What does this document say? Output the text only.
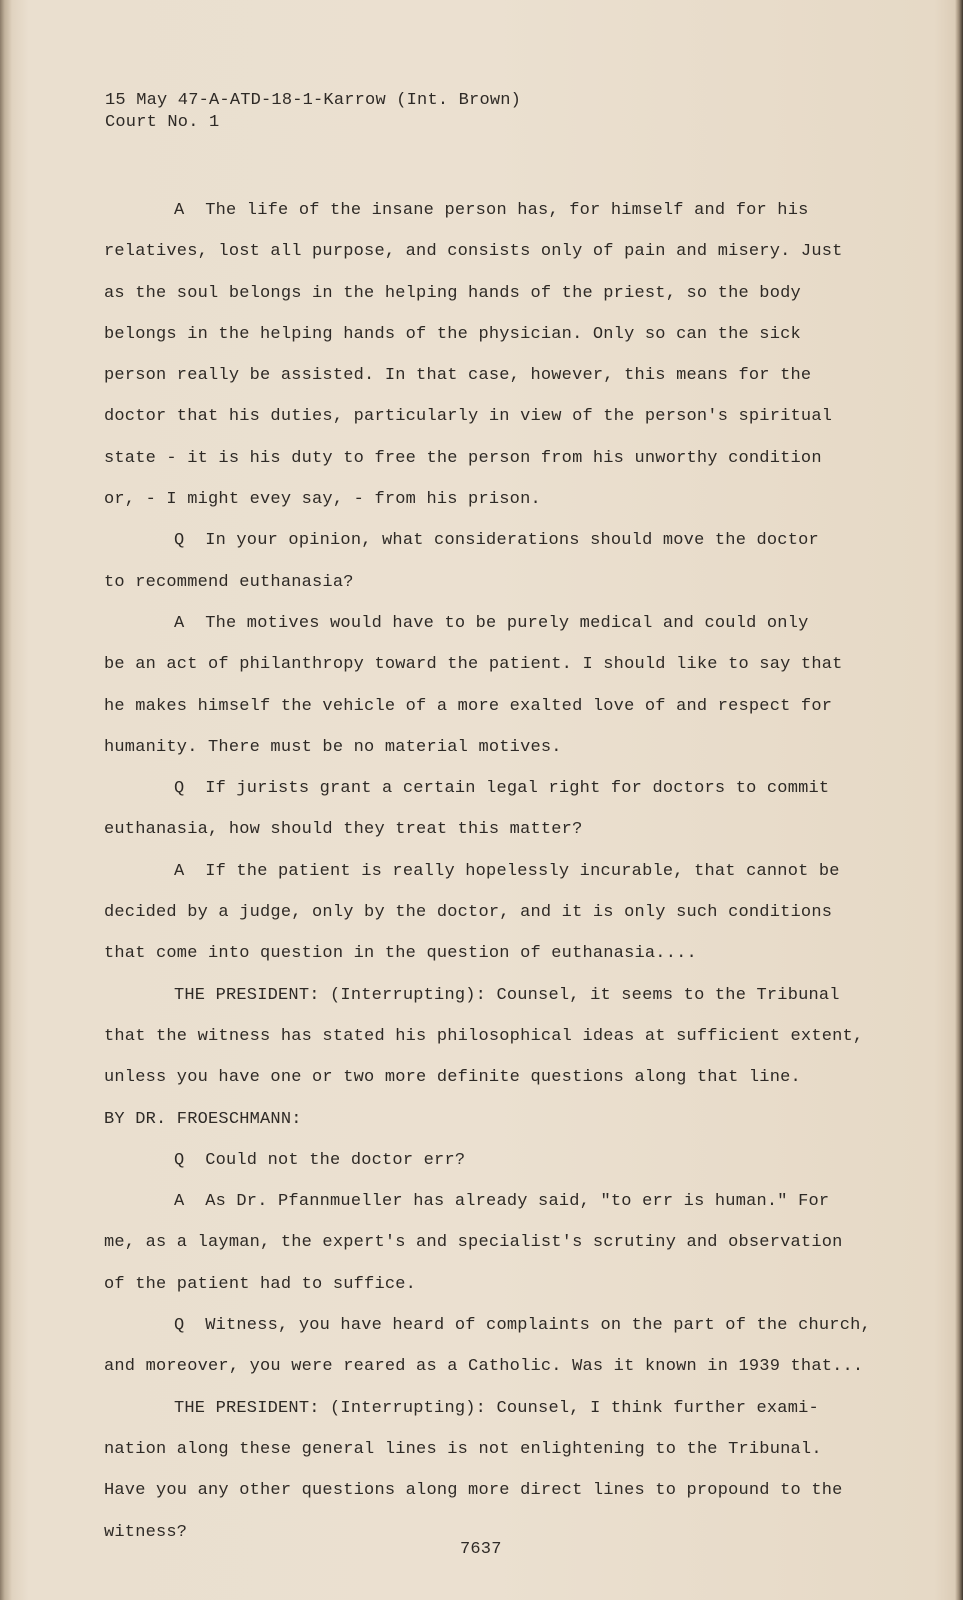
15 May 47-A-ATD-18-1-Karrow (Int. Brown)
Court No. 1
A  The life of the insane person has, for himself and for his
relatives, lost all purpose, and consists only of pain and misery. Just
as the soul belongs in the helping hands of the priest, so the body
belongs in the helping hands of the physician. Only so can the sick
person really be assisted. In that case, however, this means for the
doctor that his duties, particularly in view of the person's spiritual
state - it is his duty to free the person from his unworthy condition
or, - I might evey say, - from his prison.
Q  In your opinion, what considerations should move the doctor
to recommend euthanasia?
A  The motives would have to be purely medical and could only
be an act of philanthropy toward the patient. I should like to say that
he makes himself the vehicle of a more exalted love of and respect for
humanity. There must be no material motives.
Q  If jurists grant a certain legal right for doctors to commit
euthanasia, how should they treat this matter?
A  If the patient is really hopelessly incurable, that cannot be
decided by a judge, only by the doctor, and it is only such conditions
that come into question in the question of euthanasia....
THE PRESIDENT: (Interrupting): Counsel, it seems to the Tribunal
that the witness has stated his philosophical ideas at sufficient extent,
unless you have one or two more definite questions along that line.
BY DR. FROESCHMANN:
Q  Could not the doctor err?
A  As Dr. Pfannmueller has already said, "to err is human." For
me, as a layman, the expert's and specialist's scrutiny and observation
of the patient had to suffice.
Q  Witness, you have heard of complaints on the part of the church,
and moreover, you were reared as a Catholic. Was it known in 1939 that...
THE PRESIDENT: (Interrupting): Counsel, I think further exami-
nation along these general lines is not enlightening to the Tribunal.
Have you any other questions along more direct lines to propound to the
witness?
7637
